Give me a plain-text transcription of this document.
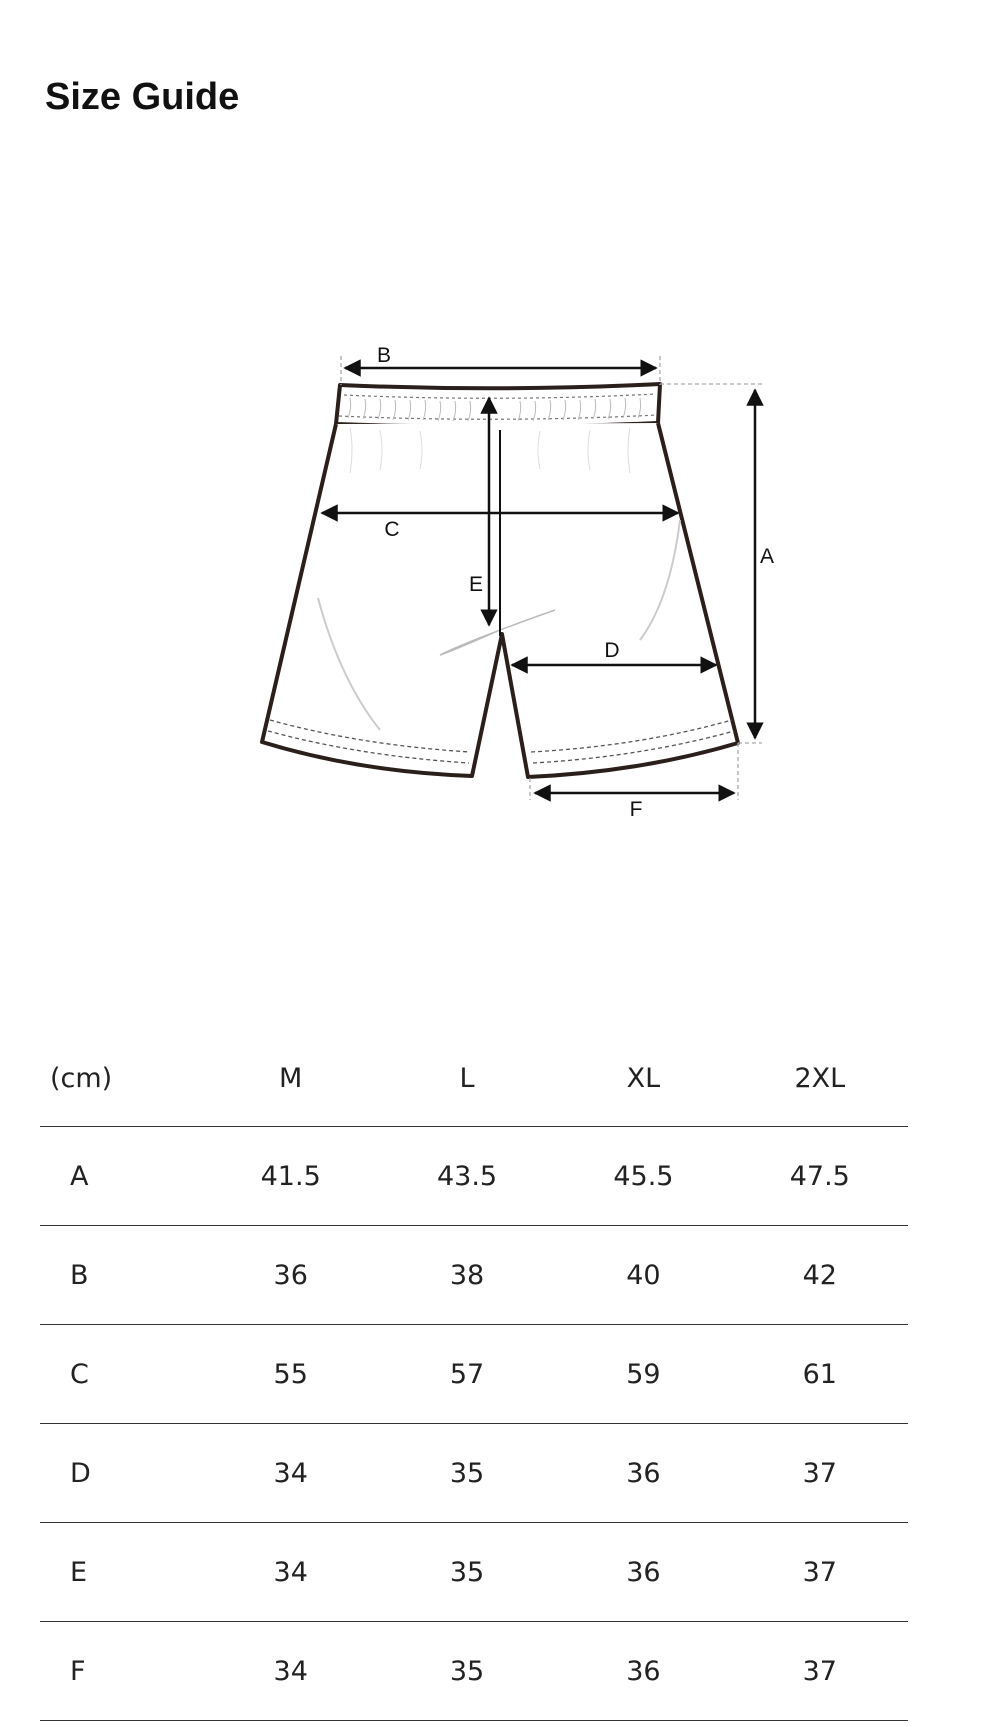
Size Guide
B
A
C
E
D
F
(cm)	M	L	XL	2XL
A	41.5	43.5	45.5	47.5
B	36	38	40	42
C	55	57	59	61
D	34	35	36	37
E	34	35	36	37
F	34	35	36	37
